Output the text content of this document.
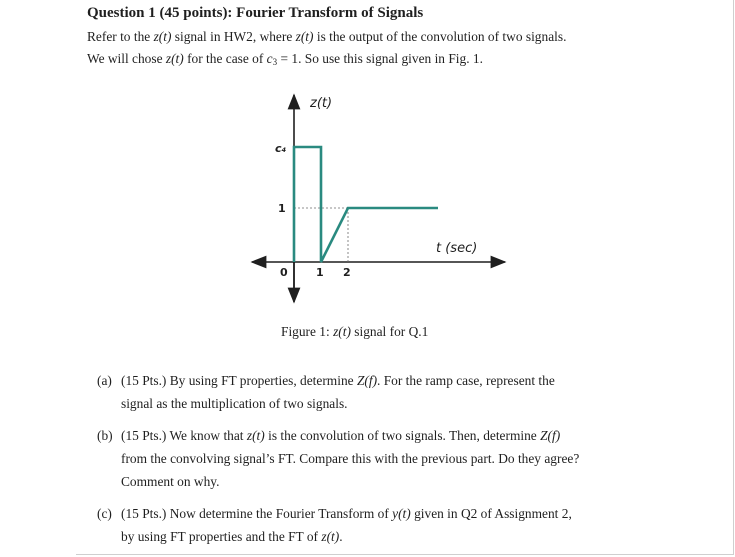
Question 1 (45 points): Fourier Transform of Signals
Refer to the z(t) signal in HW2, where z(t) is the output of the convolution of two signals.
We will chose z(t) for the case of $c_3 = 1$. So use this signal given in Fig. 1.
z(t)
t (sec)
c₄
1
0	1 2
Figure 1: z(t) signal for Q.1
(a) (15 Pts.) By using FT properties, determine Z(f). For the ramp case, represent the
signal as the multiplication of two signals.
(b) (15 Pts.) We know that z(t) is the convolution of two signals. Then, determine Z(f)
from the convolving signal’s FT. Compare this with the previous part. Do they agree?
Comment on why.
(c) (15 Pts.) Now determine the Fourier Transform of y(t) given in Q2 of Assignment 2,
by using FT properties and the FT of z(t).
